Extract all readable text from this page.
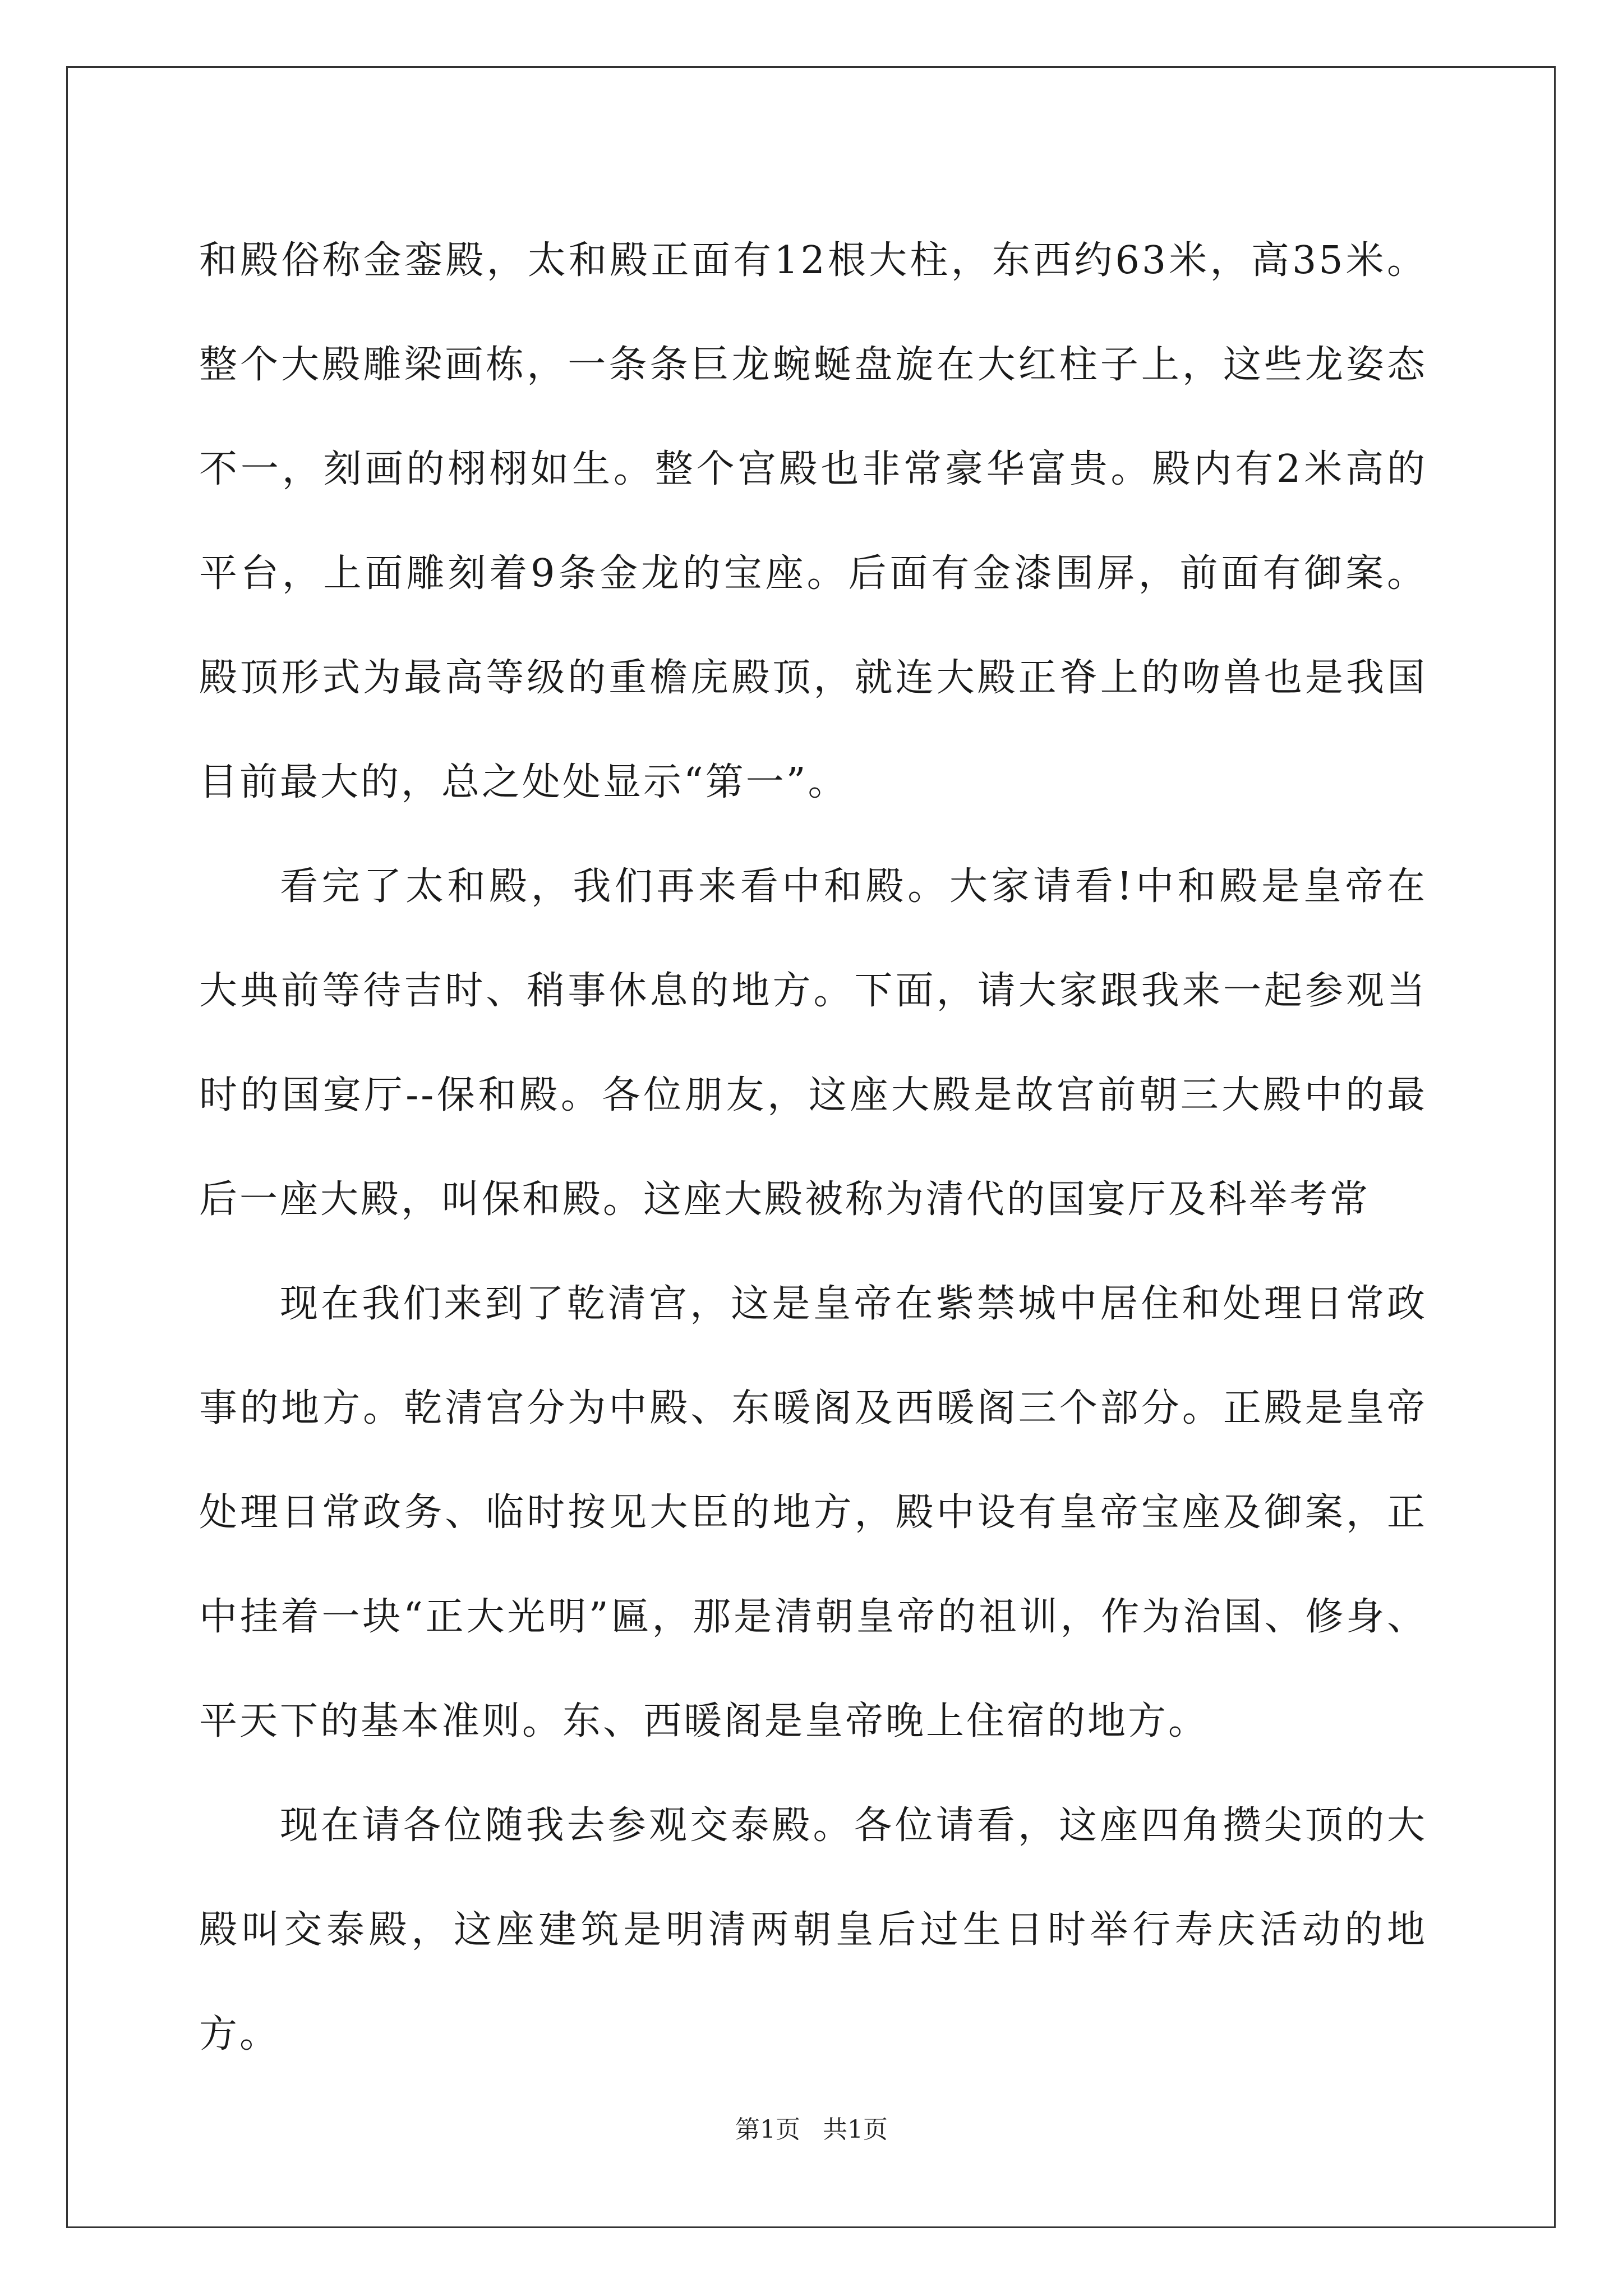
和殿俗称金銮殿，太和殿正面有12根大柱，东西约63米，高35米。整个大殿雕梁画栋，一条条巨龙蜿蜒盘旋在大红柱子上，这些龙姿态不一，刻画的栩栩如生。整个宫殿也非常豪华富贵。殿内有2米高的平台，上面雕刻着9条金龙的宝座。后面有金漆围屏，前面有御案。殿顶形式为最高等级的重檐庑殿顶，就连大殿正脊上的吻兽也是我国目前最大的，总之处处显示“第一”。

看完了太和殿，我们再来看中和殿。大家请看!中和殿是皇帝在大典前等待吉时、稍事休息的地方。下面，请大家跟我来一起参观当时的国宴厅--保和殿。各位朋友，这座大殿是故宫前朝三大殿中的最后一座大殿，叫保和殿。这座大殿被称为清代的国宴厅及科举考常

现在我们来到了乾清宫，这是皇帝在紫禁城中居住和处理日常政事的地方。乾清宫分为中殿、东暖阁及西暖阁三个部分。正殿是皇帝处理日常政务、临时按见大臣的地方，殿中设有皇帝宝座及御案，正中挂着一块“正大光明”匾，那是清朝皇帝的祖训，作为治国、修身、平天下的基本准则。东、西暖阁是皇帝晚上住宿的地方。

现在请各位随我去参观交泰殿。各位请看，这座四角攒尖顶的大殿叫交泰殿，这座建筑是明清两朝皇后过生日时举行寿庆活动的地方。

第1页 共1页
